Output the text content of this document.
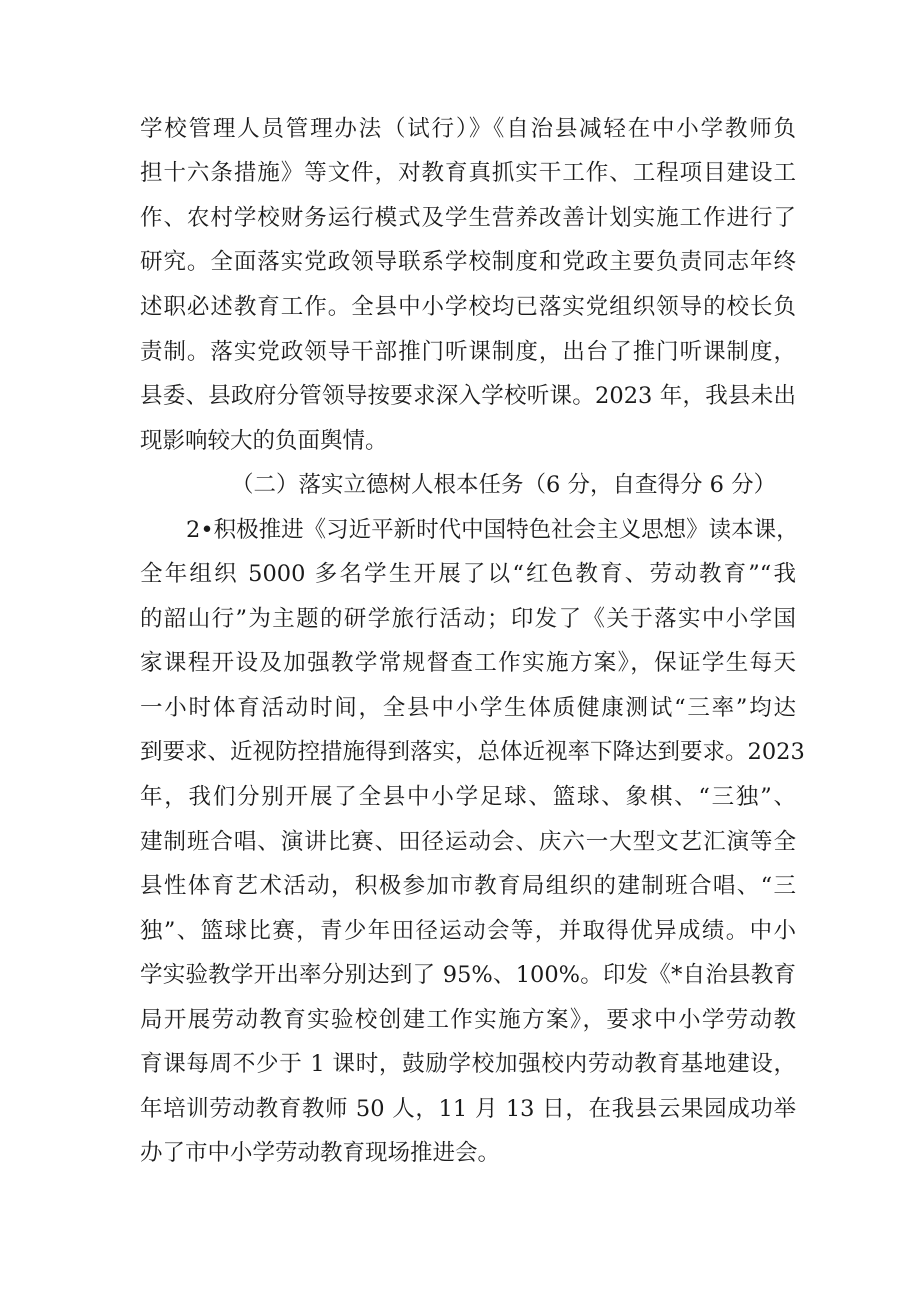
学校管理人员管理办法（试行）》《自治县减轻在中小学教师负
担十六条措施》等文件，对教育真抓实干工作、工程项目建设工
作、农村学校财务运行模式及学生营养改善计划实施工作进行了
研究。全面落实党政领导联系学校制度和党政主要负责同志年终
述职必述教育工作。全县中小学校均已落实党组织领导的校长负
责制。落实党政领导干部推门听课制度，出台了推门听课制度，
县委、县政府分管领导按要求深入学校听课。2023 年，我县未出
现影响较大的负面舆情。
（二）落实立德树人根本任务（6 分，自查得分 6 分）
2•积极推进《习近平新时代中国特色社会主义思想》读本课，
全年组织 5000 多名学生开展了以“红色教育、劳动教育”“我
的韶山行”为主题的研学旅行活动；印发了《关于落实中小学国
家课程开设及加强教学常规督查工作实施方案》，保证学生每天
一小时体育活动时间，全县中小学生体质健康测试“三率”均达
到要求、近视防控措施得到落实，总体近视率下降达到要求。2023
年，我们分别开展了全县中小学足球、篮球、象棋、“三独”、
建制班合唱、演讲比赛、田径运动会、庆六一大型文艺汇演等全
县性体育艺术活动，积极参加市教育局组织的建制班合唱、“三
独”、篮球比赛，青少年田径运动会等，并取得优异成绩。中小
学实验教学开出率分别达到了 95%、100%。印发《*自治县教育
局开展劳动教育实验校创建工作实施方案》，要求中小学劳动教
育课每周不少于 1 课时，鼓励学校加强校内劳动教育基地建设，
年培训劳动教育教师 50 人，11 月 13 日，在我县云果园成功举
办了市中小学劳动教育现场推进会。
